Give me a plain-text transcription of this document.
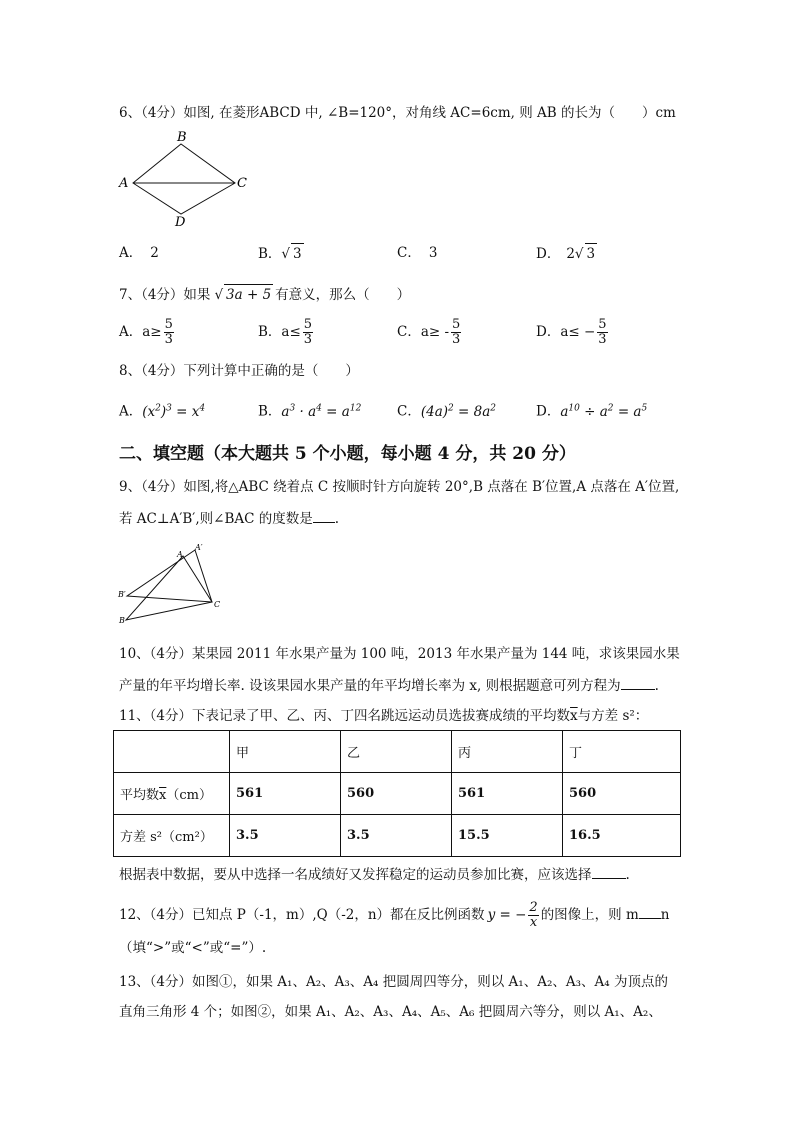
6、（4分）如图, 在菱形ABCD 中, ∠B=120°，对角线 AC=6cm, 则 AB 的长为（　　）cm
B
A	C
D
A． 2	B．√ 3	C． 3	D． 2√ 3
7、（4分）如果 √ 3a + 5 有意义，那么（　　）
A．$a\ge \frac{5}{3}$	B．$a\le \frac{5}{3}$	C．$a\ge - \frac{5}{3}$	D．$a\le - \frac{5}{3}$
8、（4分）下列计算中正确的是（　　）
A．$(x^2)^3 = x^4$	B．$a^3 \cdot a^4 = a^{12}$	C．$(4a)^2 = 8a^2$	D．$a^{10} \div a^2 = a^5$
二、填空题（本大题共 5 个小题，每小题 4 分，共 20 分）
9、（4分）如图,将△ABC 绕着点 C 按顺时针方向旋转 20°,B 点落在 B′位置,A 点落在 A′位置,
若 AC⊥A′B′,则∠BAC 的度数是 .
A
A′
B′
B
C
10、（4分）某果园 2011 年水果产量为 100 吨，2013 年水果产量为 144 吨，求该果园水果
产量的年平均增长率. 设该果园水果产量的年平均增长率为 x, 则根据题意可列方程为	.
11、（4分）下表记录了甲、乙、丙、丁四名跳远运动员选拔赛成绩的平均数$\overline{x}$与方差 s²：
	甲	乙	丙	丁
平均数$\overline{x}(cm)$	561	560	561	560
方差 s²（cm²）	3.5	3.5	15.5	16.5
根据表中数据，要从中选择一名成绩好又发挥稳定的运动员参加比赛，应该选择	.
12、（4分）已知点 P（-1，m）,Q（-2，n）都在反比例函数 y = − $\frac{2}{x}$ 的图像上，则 m n
（填“>”或“<”或“=”）.
13、（4分）如图①，如果 A₁、A₂、A₃、A₄ 把圆周四等分，则以 A₁、A₂、A₃、A₄ 为顶点的
直角三角形 4 个；如图②，如果 A₁、A₂、A₃、A₄、A₅、A₆ 把圆周六等分，则以 A₁、A₂、
